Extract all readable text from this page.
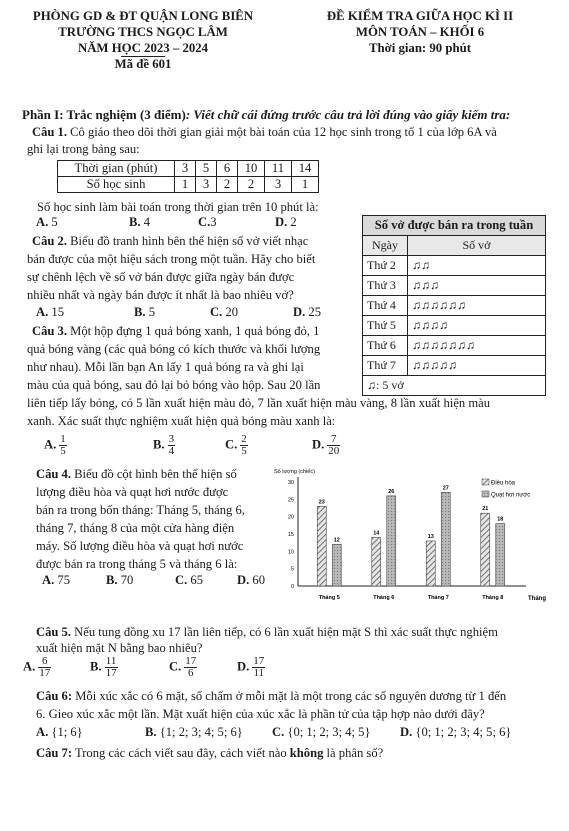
PHÒNG GD & ĐT QUẬN LONG BIÊN
TRƯỜNG THCS NGỌC LÂM
NĂM HỌC 2023 – 2024
Mã đề 601
ĐỀ KIỂM TRA GIỮA HỌC KÌ II
MÔN TOÁN – KHỐI 6
Thời gian: 90 phút
Phần I: Trắc nghiệm (3 điểm): Viết chữ cái đứng trước câu trả lời đúng vào giấy kiểm tra:
Câu 1. Cô giáo theo dõi thời gian giải một bài toán của 12 học sinh trong tổ 1 của lớp 6A và
ghi lại trong bảng sau:
Thời gian (phút)	3	5	6	10	11	14
Số học sinh	1	3	2	2	3	1
Số học sinh làm bài toán trong thời gian trên 10 phút là:
A. 5	B. 4	C.3	D. 2
Câu 2. Biểu đồ tranh hình bên thể hiện số vở viết nhạc
bán được của một hiệu sách trong một tuần. Hãy cho biết
sự chênh lệch về số vở bán được giữa ngày bán được
nhiều nhất và ngày bán được ít nhất là bao nhiêu vở?
A. 15	B. 5	C. 20	D. 25
Số vở được bán ra trong tuần	
Ngày	Số vở
Thứ 2	♫♫
Thứ 3	♫♫♫
Thứ 4	♫♫♫♫♫♫
Thứ 5	♫♫♫♫
Thứ 6	♫♫♫♫♫♫♫
Thứ 7	♫♫♫♫♫
♫: 5 vở	
Câu 3. Một hộp đựng 1 quả bóng xanh, 1 quả bóng đỏ, 1
quả bóng vàng (các quả bóng có kích thước và khối lượng
như nhau). Mỗi lần bạn An lấy 1 quả bóng ra và ghi lại
màu của quả bóng, sau đó lại bỏ bóng vào hộp. Sau 20 lần
liên tiếp lấy bóng, có 5 lần xuất hiện màu đỏ, 7 lần xuất hiện màu vàng, 8 lần xuất hiện màu
xanh. Xác suất thực nghiệm xuất hiện quả bóng màu xanh là:
A. $\frac{1}{5}$	B. $\frac{3}{4}$	C. $\frac{2}{5}$	D. $\frac{7}{20}$
Câu 4. Biểu đồ cột hình bên thể hiện số
lượng điều hòa và quạt hơi nước được
bán ra trong bốn tháng: Tháng 5, tháng 6,
tháng 7, tháng 8 của một cửa hàng điện
máy. Số lượng điều hòa và quạt hơi nước
được bán ra trong tháng 5 và tháng 6 là:
A. 75	B. 70	C. 65	D. 60
Số lượng (chiếc)
0
5
10
15
20
25
30
23
12
Tháng 5
14
26
Tháng 6
13
27
Tháng 7
21
18
Tháng 8	Tháng
Điều hòa
Quạt hơi nước
Câu 5. Nếu tung đồng xu 17 lần liên tiếp, có 6 lần xuất hiện mặt S thì xác suất thực nghiệm
xuất hiện mặt N bằng bao nhiêu?
A. $\frac{6}{17}$	B. $\frac{11}{17}$	C. $\frac{17}{6}$	D. $\frac{17}{11}$
Câu 6: Mỗi xúc xắc có 6 mặt, số chấm ở mỗi mặt là một trong các số nguyên dương từ 1 đến
6. Gieo xúc xắc một lần. Mặt xuất hiện của xúc xắc là phần tử của tập hợp nào dưới đây?
A. {1; 6}	B. {1; 2; 3; 4; 5; 6} C. {0; 1; 2; 3; 4; 5} D. {0; 1; 2; 3; 4; 5; 6}
Câu 7: Trong các cách viết sau đây, cách viết nào không là phân số?
